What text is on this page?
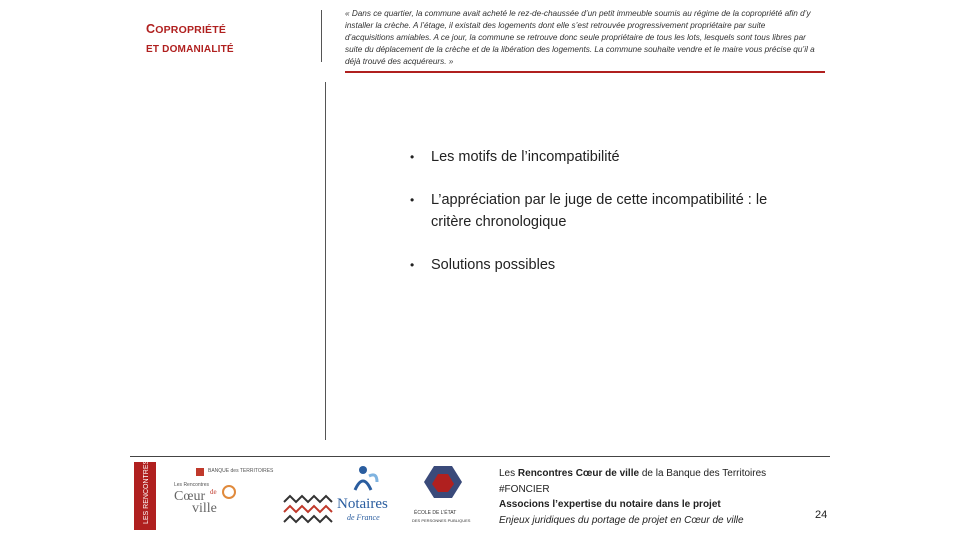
COPROPRIÉTÉ
ET DOMANIALITÉ
« Dans ce quartier, la commune avait acheté le rez-de-chaussée d’un petit immeuble soumis au régime de la copropriété afin d’y installer la crèche. A l’étage, il existait des logements dont elle s’est retrouvée progressivement propriétaire par suite d’acquisitions amiables. A ce jour, la commune se retrouve donc seule propriétaire de tous les lots, lesquels sont tous libres par suite du déplacement de la crèche et de la libération des logements. La commune souhaite vendre et le maire vous précise qu’il a déjà trouvé des acquéreurs. »
• Les motifs de l’incompatibilité
• L’appréciation par le juge de cette incompatibilité : le critère chronologique
• Solutions possibles
LES RENCONTRES	BANQUE des TERRITOIRES
Les Rencontres
Cœur de
ville	Notaires
de France	ÉCOLE DE L’ÉTAT
DES PERSONNES PUBLIQUES
Les Rencontres Cœur de ville de la Banque des Territoires
#FONCIER
Associons l’expertise du notaire dans le projet
Enjeux juridiques du portage de projet en Cœur de ville	24
